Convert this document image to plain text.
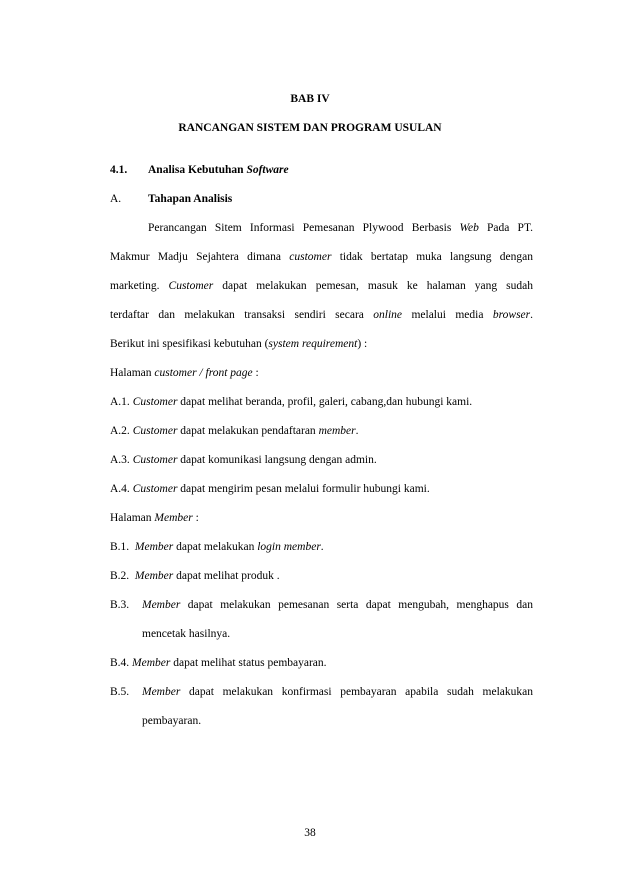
BAB IV
RANCANGAN SISTEM DAN PROGRAM USULAN
4.1. Analisa Kebutuhan Software
A. Tahapan Analisis
Perancangan Sitem Informasi Pemesanan Plywood Berbasis Web Pada PT.
Makmur Madju Sejahtera dimana customer tidak bertatap muka langsung dengan
marketing. Customer dapat melakukan pemesan, masuk ke halaman yang sudah
terdaftar dan melakukan transaksi sendiri secara online melalui media browser.
Berikut ini spesifikasi kebutuhan (system requirement) :
Halaman customer / front page :
A.1. Customer dapat melihat beranda, profil, galeri, cabang,dan hubungi kami.
A.2. Customer dapat melakukan pendaftaran member.
A.3. Customer dapat komunikasi langsung dengan admin.
A.4. Customer dapat mengirim pesan melalui formulir hubungi kami.
Halaman Member :
B.1. Member dapat melakukan login member.
B.2. Member dapat melihat produk .
B.3. Member dapat melakukan pemesanan serta dapat mengubah, menghapus dan
mencetak hasilnya.
B.4. Member dapat melihat status pembayaran.
B.5. Member dapat melakukan konfirmasi pembayaran apabila sudah melakukan
pembayaran.
38
